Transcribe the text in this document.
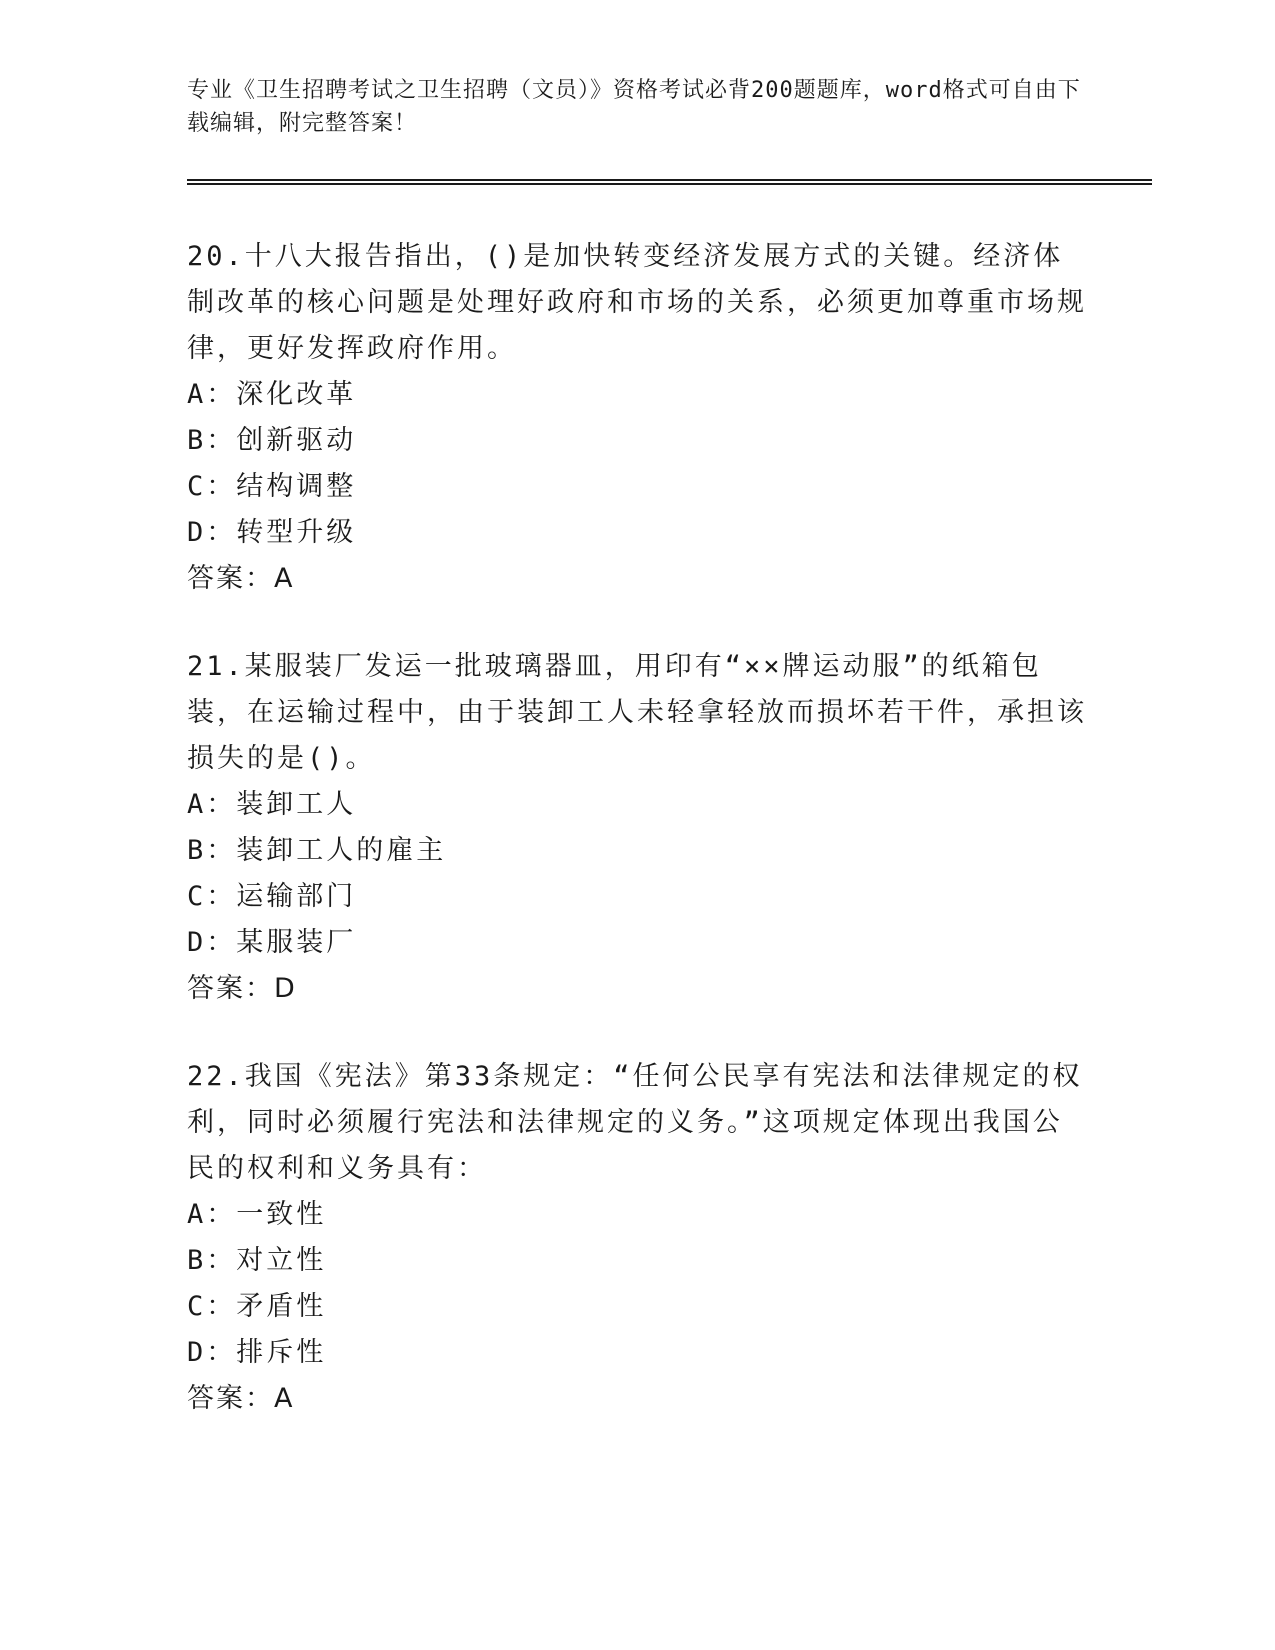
专业《卫生招聘考试之卫生招聘（文员）》资格考试必背200题题库，word格式可自由下载编辑，附完整答案！

20.十八大报告指出，()是加快转变经济发展方式的关键。经济体制改革的核心问题是处理好政府和市场的关系，必须更加尊重市场规律，更好发挥政府作用。

A：深化改革

B：创新驱动

C：结构调整

D：转型升级

答案：A

21.某服装厂发运一批玻璃器皿，用印有“××牌运动服”的纸箱包装，在运输过程中，由于装卸工人未轻拿轻放而损坏若干件，承担该损失的是()。

A：装卸工人

B：装卸工人的雇主

C：运输部门

D：某服装厂

答案：D

22.我国《宪法》第33条规定：“任何公民享有宪法和法律规定的权利，同时必须履行宪法和法律规定的义务。”这项规定体现出我国公民的权利和义务具有：

A：一致性

B：对立性

C：矛盾性

D：排斥性

答案：A
